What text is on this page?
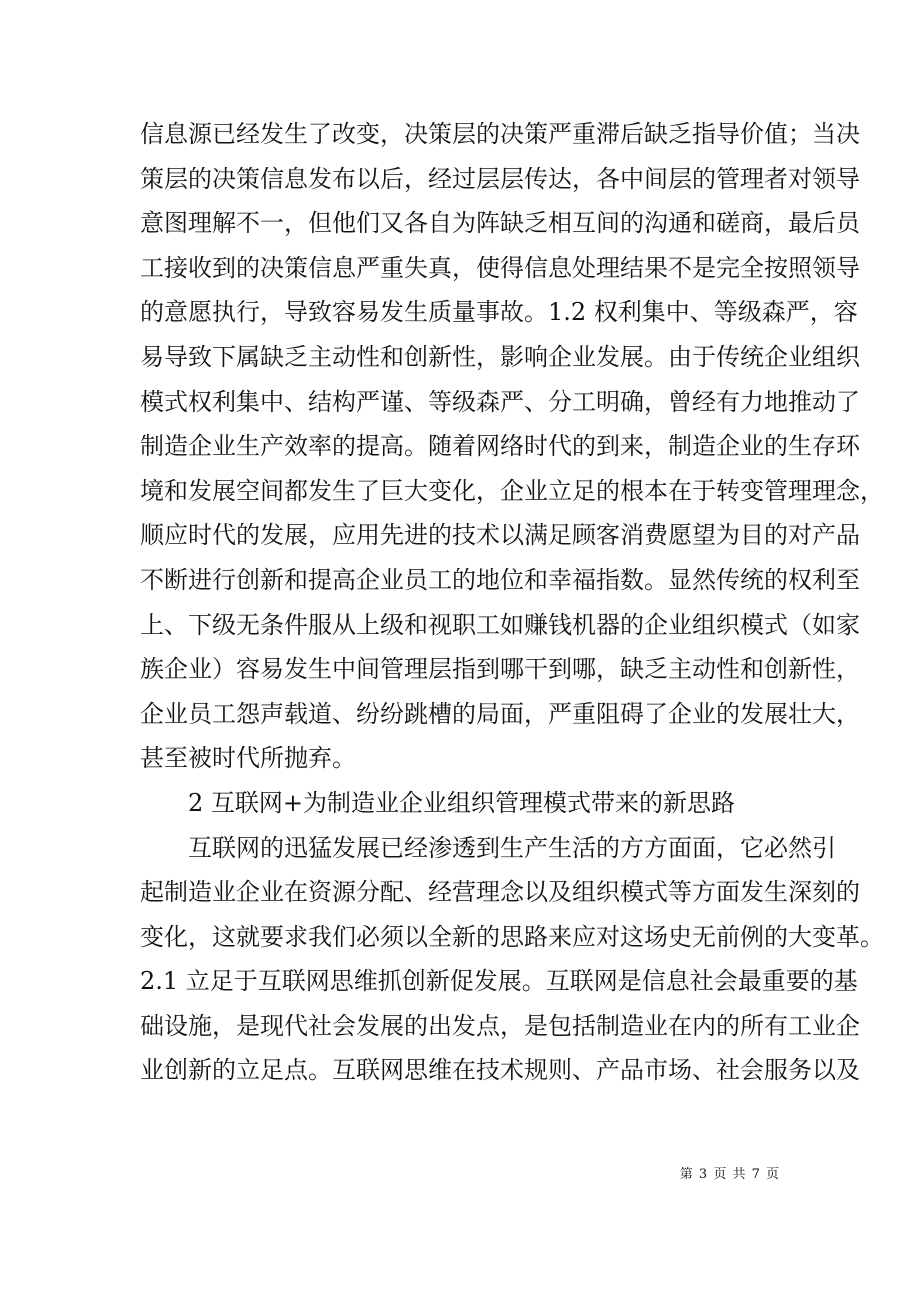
信息源已经发生了改变，决策层的决策严重滞后缺乏指导价值；当决
策层的决策信息发布以后，经过层层传达，各中间层的管理者对领导
意图理解不一，但他们又各自为阵缺乏相互间的沟通和磋商，最后员
工接收到的决策信息严重失真，使得信息处理结果不是完全按照领导
的意愿执行，导致容易发生质量事故。1.2 权利集中、等级森严，容
易导致下属缺乏主动性和创新性，影响企业发展。由于传统企业组织
模式权利集中、结构严谨、等级森严、分工明确，曾经有力地推动了
制造企业生产效率的提高。随着网络时代的到来，制造企业的生存环
境和发展空间都发生了巨大变化，企业立足的根本在于转变管理理念，
顺应时代的发展，应用先进的技术以满足顾客消费愿望为目的对产品
不断进行创新和提高企业员工的地位和幸福指数。显然传统的权利至
上、下级无条件服从上级和视职工如赚钱机器的企业组织模式（如家
族企业）容易发生中间管理层指到哪干到哪，缺乏主动性和创新性，
企业员工怨声载道、纷纷跳槽的局面，严重阻碍了企业的发展壮大，
甚至被时代所抛弃。
2 互联网+为制造业企业组织管理模式带来的新思路
互联网的迅猛发展已经渗透到生产生活的方方面面，它必然引
起制造业企业在资源分配、经营理念以及组织模式等方面发生深刻的
变化，这就要求我们必须以全新的思路来应对这场史无前例的大变革。
2.1 立足于互联网思维抓创新促发展。互联网是信息社会最重要的基
础设施，是现代社会发展的出发点，是包括制造业在内的所有工业企
业创新的立足点。互联网思维在技术规则、产品市场、社会服务以及
第 3 页 共 7 页
